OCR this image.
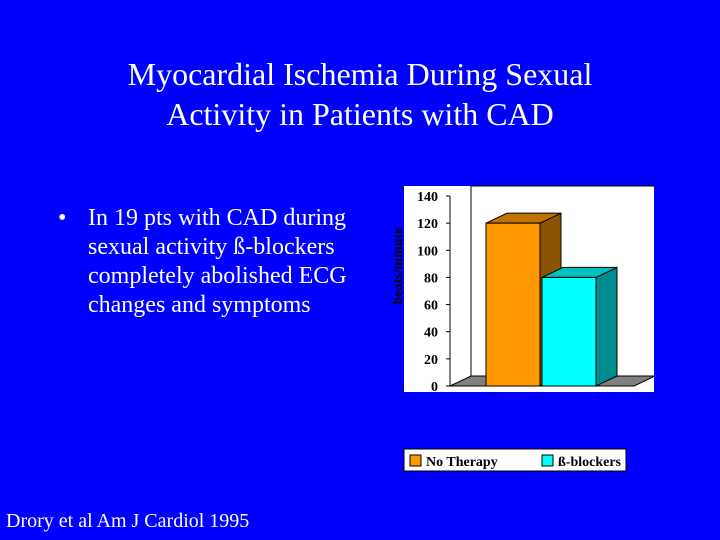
Myocardial Ischemia During Sexual
Activity in Patients with CAD
• In 19 pts with CAD during sexual activity ß-blockers completely abolished ECG changes and symptoms
Drory et al Am J Cardiol 1995
0
20
40
60
80
100
120
140
beats/minute
No Therapy	ß-blockers
